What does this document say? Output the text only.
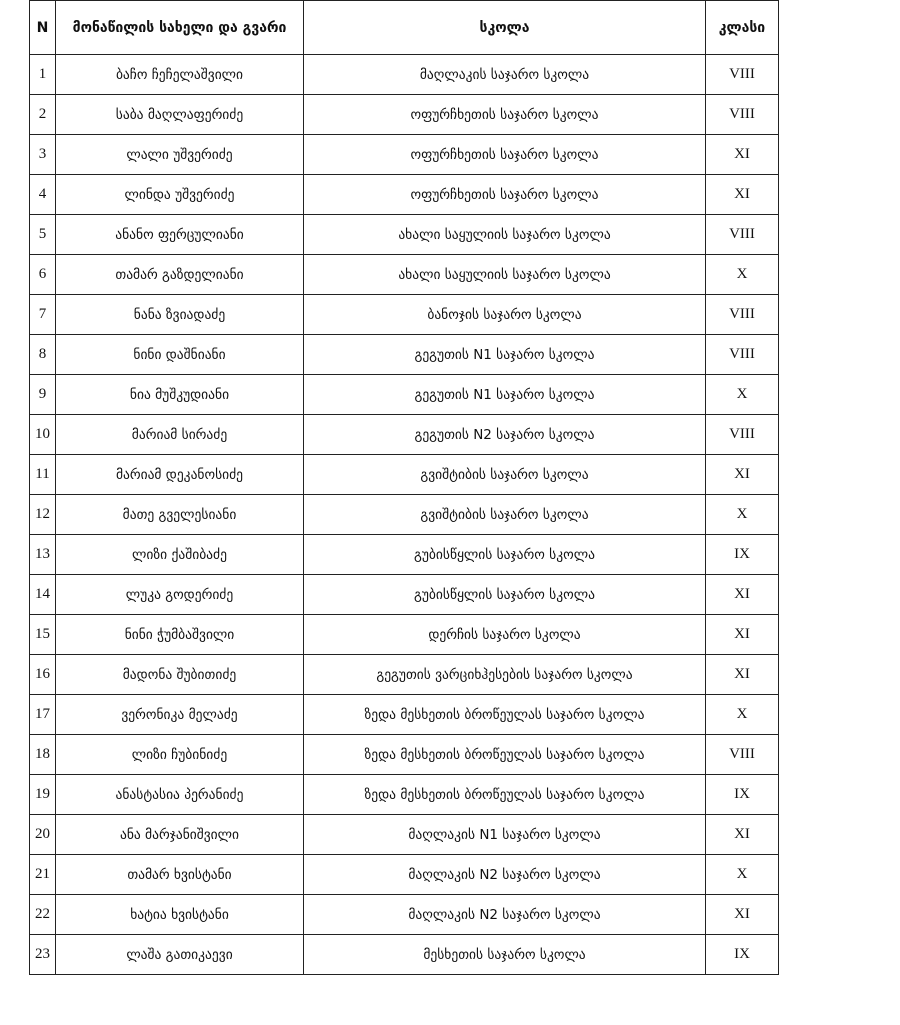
N	მონაწილის სახელი და გვარი	სკოლა	კლასი
1	ბაჩო ჩეჩელაშვილი	მაღლაკის საჯარო სკოლა	VIII
2	საბა მაღლაფერიძე	ოფურჩხეთის საჯარო სკოლა	VIII
3	ლალი უშვერიძე	ოფურჩხეთის საჯარო სკოლა	XI
4	ლინდა უშვერიძე	ოფურჩხეთის საჯარო სკოლა	XI
5	ანანო ფერცულიანი	ახალი საყულიის საჯარო სკოლა	VIII
6	თამარ გაზდელიანი	ახალი საყულიის საჯარო სკოლა	X
7	ნანა ზვიადაძე	ბანოჯის საჯარო სკოლა	VIII
8	ნინი დაშნიანი	გეგუთის N1 საჯარო სკოლა	VIII
9	ნია მუშკუდიანი	გეგუთის N1 საჯარო სკოლა	X
10	მარიამ სირაძე	გეგუთის N2 საჯარო სკოლა	VIII
11	მარიამ დეკანოსიძე	გვიშტიბის საჯარო სკოლა	XI
12	მათე გველესიანი	გვიშტიბის საჯარო სკოლა	X
13	ლიზი ქაშიბაძე	გუბისწყლის საჯარო სკოლა	IX
14	ლუკა გოდერიძე	გუბისწყლის საჯარო სკოლა	XI
15	ნინი ჭუმბაშვილი	დერჩის საჯარო სკოლა	XI
16	მადონა შუბითიძე	გეგუთის ვარციხჰესების საჯარო სკოლა	XI
17	ვერონიკა მელაძე	ზედა მესხეთის ბროწეულას საჯარო სკოლა	X
18	ლიზი ჩუბინიძე	ზედა მესხეთის ბროწეულას საჯარო სკოლა	VIII
19	ანასტასია პერანიძე	ზედა მესხეთის ბროწეულას საჯარო სკოლა	IX
20	ანა მარჯანიშვილი	მაღლაკის N1 საჯარო სკოლა	XI
21	თამარ ხვისტანი	მაღლაკის N2 საჯარო სკოლა	X
22	ხატია ხვისტანი	მაღლაკის N2 საჯარო სკოლა	XI
23	ლაშა გათიკაევი	მესხეთის საჯარო სკოლა	IX
